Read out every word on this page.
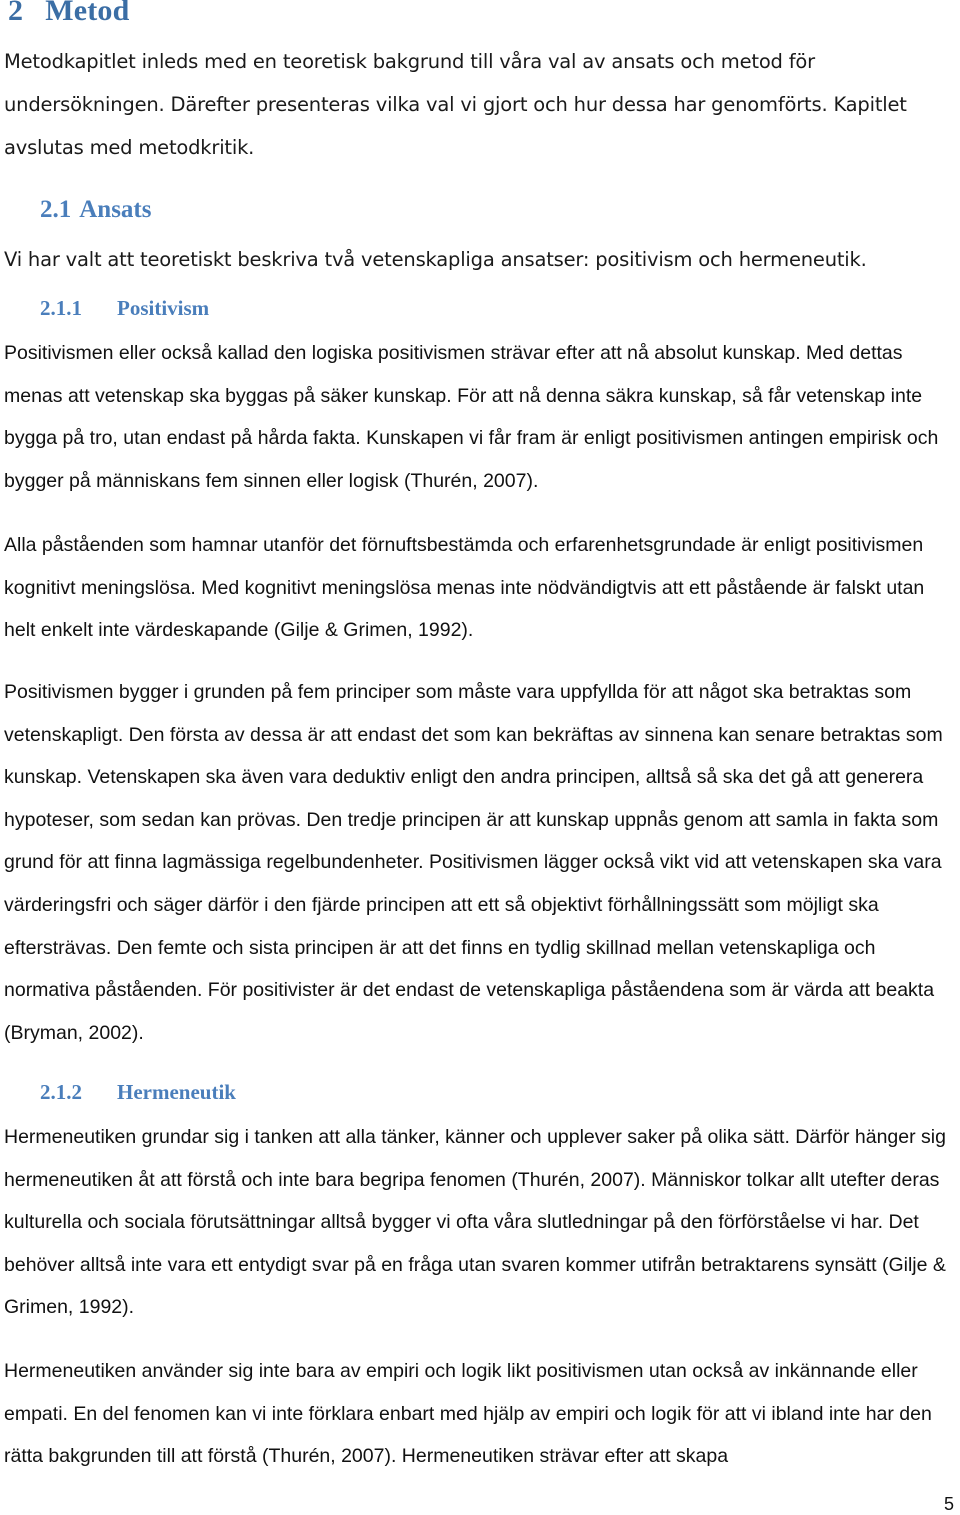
2 Metod

Metodkapitlet inleds med en teoretisk bakgrund till våra val av ansats och metod för undersökningen. Därefter presenteras vilka val vi gjort och hur dessa har genomförts. Kapitlet avslutas med metodkritik.

2.1 Ansats

Vi har valt att teoretiskt beskriva två vetenskapliga ansatser: positivism och hermeneutik.

2.1.1 Positivism

Positivismen eller också kallad den logiska positivismen strävar efter att nå absolut kunskap. Med dettas menas att vetenskap ska byggas på säker kunskap. För att nå denna säkra kunskap, så får vetenskap inte bygga på tro, utan endast på hårda fakta. Kunskapen vi får fram är enligt positivismen antingen empirisk och bygger på människans fem sinnen eller logisk (Thurén, 2007).

Alla påståenden som hamnar utanför det förnuftsbestämda och erfarenhetsgrundade är enligt positivismen kognitivt meningslösa. Med kognitivt meningslösa menas inte nödvändigtvis att ett påstående är falskt utan helt enkelt inte värdeskapande (Gilje & Grimen, 1992).

Positivismen bygger i grunden på fem principer som måste vara uppfyllda för att något ska betraktas som vetenskapligt. Den första av dessa är att endast det som kan bekräftas av sinnena kan senare betraktas som kunskap. Vetenskapen ska även vara deduktiv enligt den andra principen, alltså så ska det gå att generera hypoteser, som sedan kan prövas. Den tredje principen är att kunskap uppnås genom att samla in fakta som grund för att finna lagmässiga regelbundenheter. Positivismen lägger också vikt vid att vetenskapen ska vara värderingsfri och säger därför i den fjärde principen att ett så objektivt förhållningssätt som möjligt ska eftersträvas. Den femte och sista principen är att det finns en tydlig skillnad mellan vetenskapliga och normativa påståenden. För positivister är det endast de vetenskapliga påståendena som är värda att beakta (Bryman, 2002).

2.1.2 Hermeneutik

Hermeneutiken grundar sig i tanken att alla tänker, känner och upplever saker på olika sätt. Därför hänger sig hermeneutiken åt att förstå och inte bara begripa fenomen (Thurén, 2007). Människor tolkar allt utefter deras kulturella och sociala förutsättningar alltså bygger vi ofta våra slutledningar på den förförståelse vi har. Det behöver alltså inte vara ett entydigt svar på en fråga utan svaren kommer utifrån betraktarens synsätt (Gilje & Grimen, 1992).

Hermeneutiken använder sig inte bara av empiri och logik likt positivismen utan också av inkännande eller empati. En del fenomen kan vi inte förklara enbart med hjälp av empiri och logik för att vi ibland inte har den rätta bakgrunden till att förstå (Thurén, 2007). Hermeneutiken strävar efter att skapa

5
